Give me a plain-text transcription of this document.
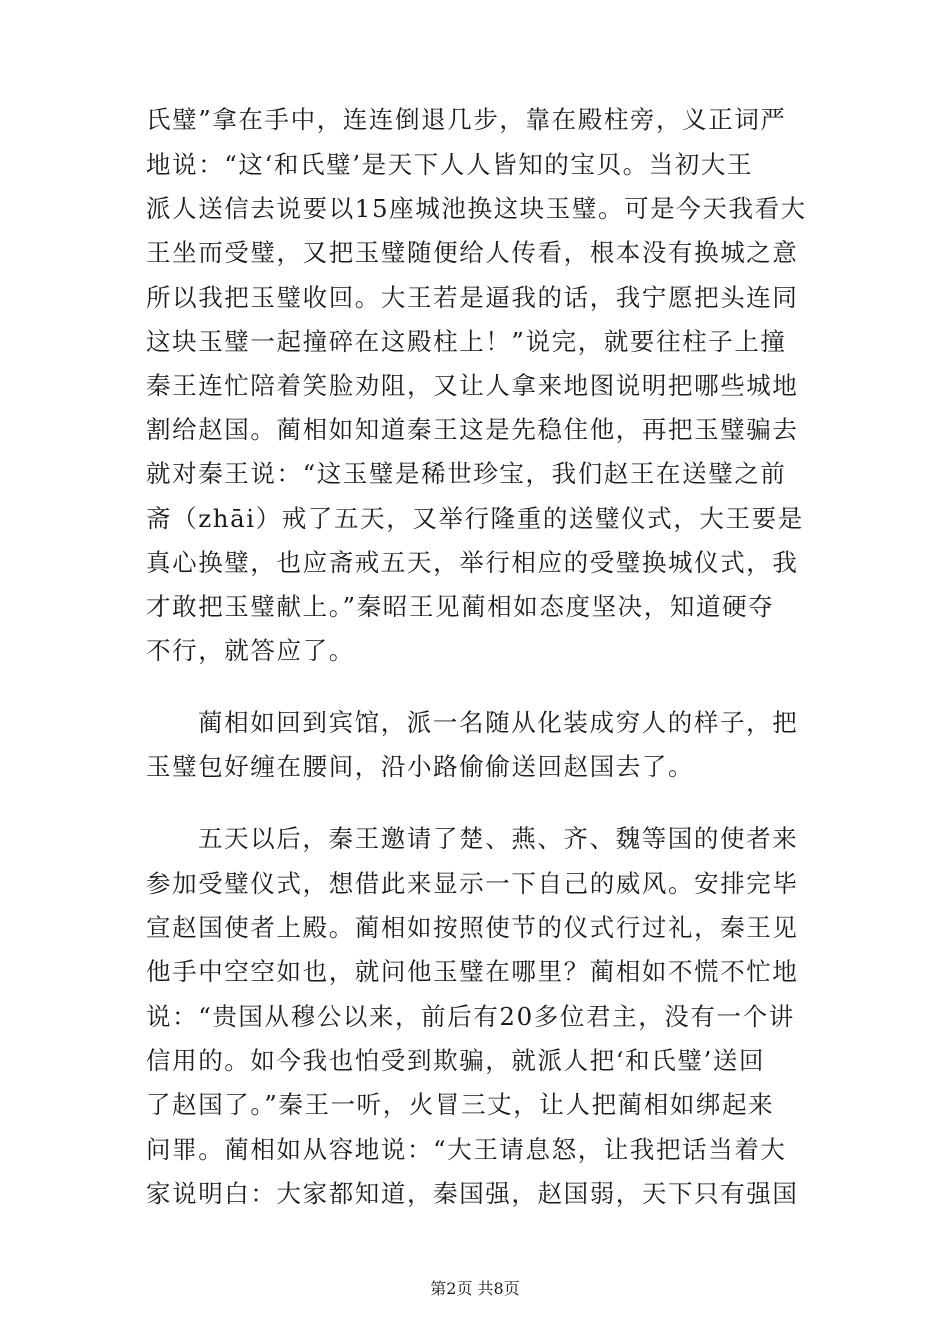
氏璧”拿在手中，连连倒退几步，靠在殿柱旁，义正词严
地说：“这‘和氏璧’是天下人人皆知的宝贝。当初大王
派人送信去说要以15座城池换这块玉璧。可是今天我看大
王坐而受璧，又把玉璧随便给人传看，根本没有换城之意
所以我把玉璧收回。大王若是逼我的话，我宁愿把头连同
这块玉璧一起撞碎在这殿柱上！”说完，就要往柱子上撞
秦王连忙陪着笑脸劝阻，又让人拿来地图说明把哪些城地
割给赵国。蔺相如知道秦王这是先稳住他，再把玉璧骗去
就对秦王说：“这玉璧是稀世珍宝，我们赵王在送璧之前
斋（zhāi）戒了五天，又举行隆重的送璧仪式，大王要是
真心换璧，也应斋戒五天，举行相应的受璧换城仪式，我
才敢把玉璧献上。”秦昭王见蔺相如态度坚决，知道硬夺
不行，就答应了。
蔺相如回到宾馆，派一名随从化装成穷人的样子，把
玉璧包好缠在腰间，沿小路偷偷送回赵国去了。
五天以后，秦王邀请了楚、燕、齐、魏等国的使者来
参加受璧仪式，想借此来显示一下自己的威风。安排完毕
宣赵国使者上殿。蔺相如按照使节的仪式行过礼，秦王见
他手中空空如也，就问他玉璧在哪里？蔺相如不慌不忙地
说：“贵国从穆公以来，前后有20多位君主，没有一个讲
信用的。如今我也怕受到欺骗，就派人把‘和氏璧’送回
了赵国了。”秦王一听，火冒三丈，让人把蔺相如绑起来
问罪。蔺相如从容地说：“大王请息怒，让我把话当着大
家说明白：大家都知道，秦国强，赵国弱，天下只有强国
第2页 共8页
